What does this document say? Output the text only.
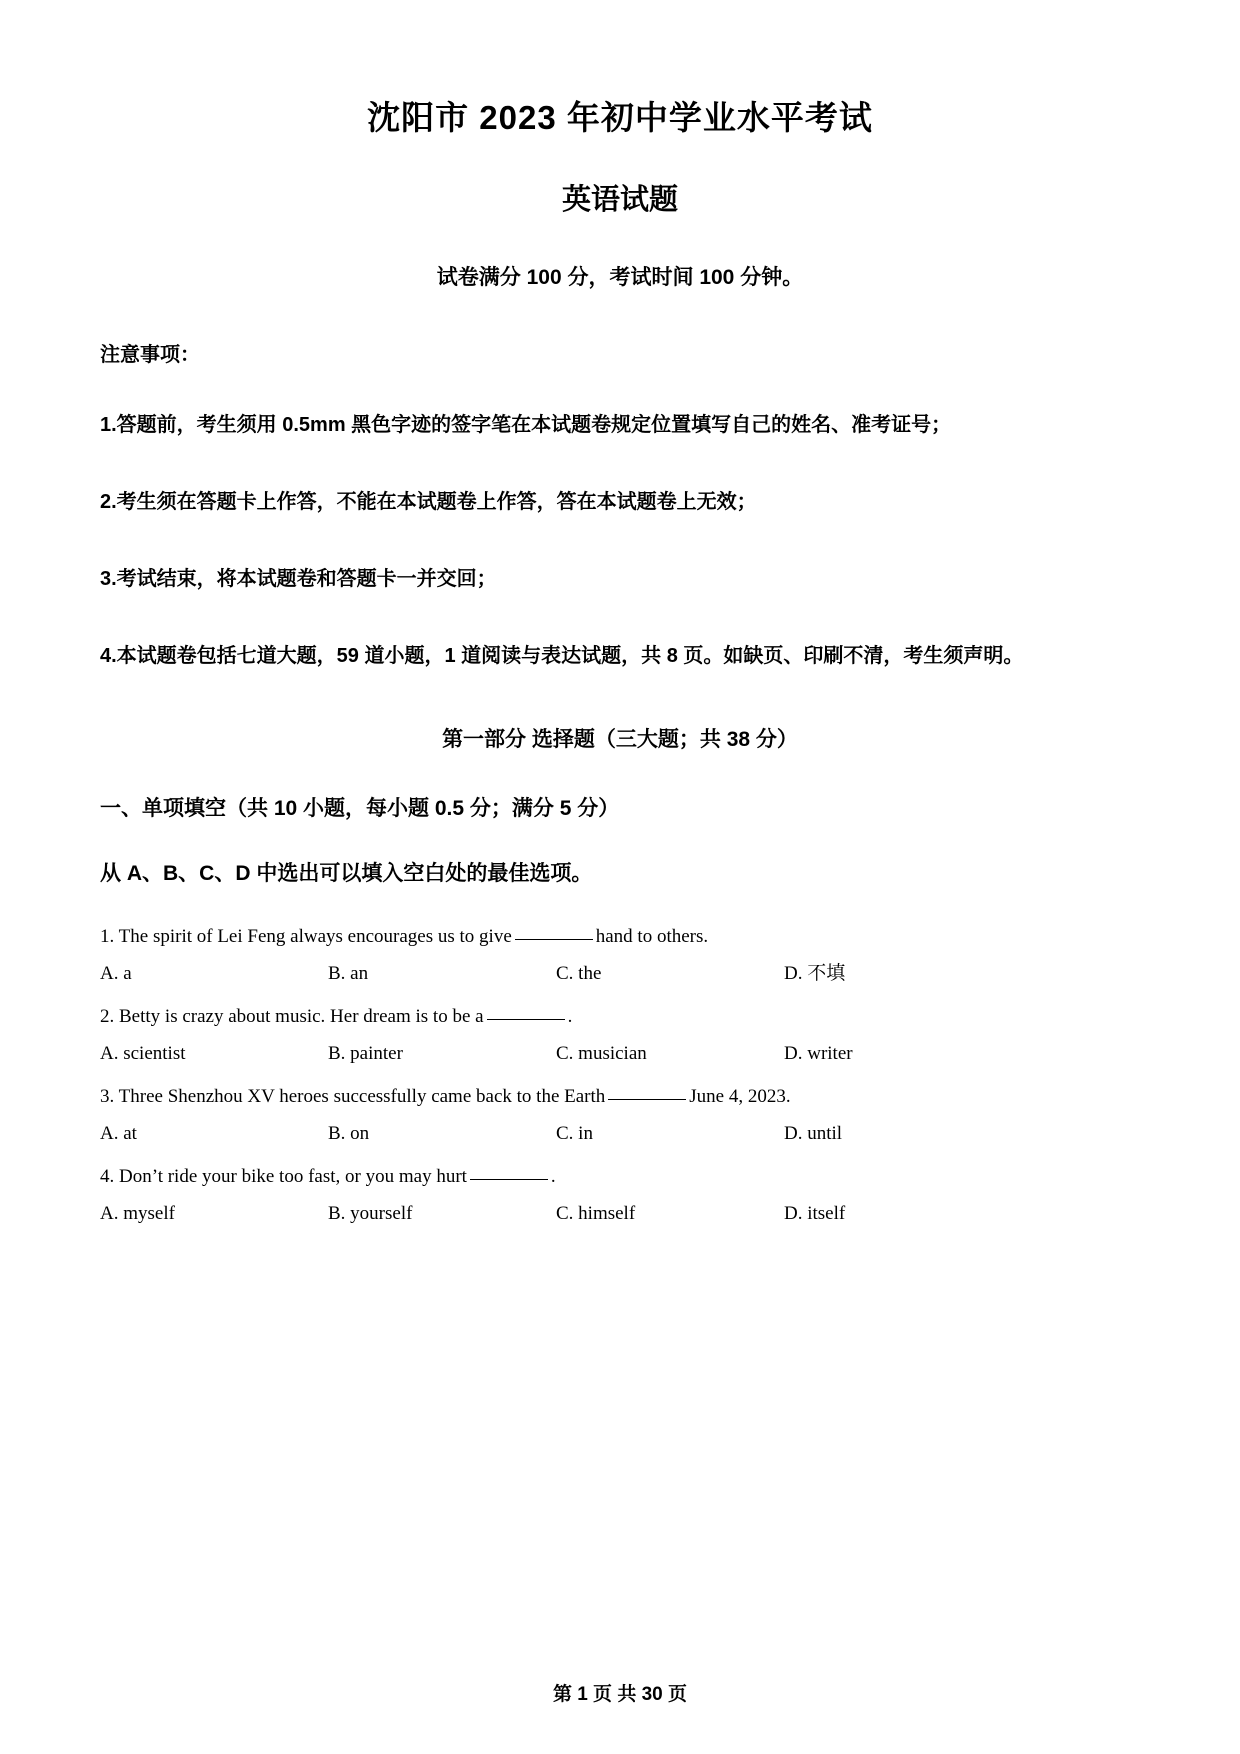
沈阳市 2023 年初中学业水平考试
英语试题

试卷满分 100 分，考试时间 100 分钟。

注意事项：

1.答题前，考生须用 0.5mm 黑色字迹的签字笔在本试题卷规定位置填写自己的姓名、准考证号；

2.考生须在答题卡上作答，不能在本试题卷上作答，答在本试题卷上无效；

3.考试结束，将本试题卷和答题卡一并交回；

4.本试题卷包括七道大题，59 道小题，1 道阅读与表达试题，共 8 页。如缺页、印刷不清，考生须声明。

第一部分 选择题（三大题；共 38 分）

一、单项填空（共 10 小题，每小题 0.5 分；满分 5 分）

从 A、B、C、D 中选出可以填入空白处的最佳选项。

1. The spirit of Lei Feng always encourages us to give	hand to others.

A. a	B. an	C. the	D. 不填

2. Betty is crazy about music. Her dream is to be a	.

A. scientist	B. painter	C. musician	D. writer

3. Three Shenzhou XV heroes successfully came back to the Earth	June 4, 2023.

A. at	B. on	C. in	D. until

4. Don’t ride your bike too fast, or you may hurt	.

A. myself	B. yourself	C. himself	D. itself

第 1 页 共 30 页
